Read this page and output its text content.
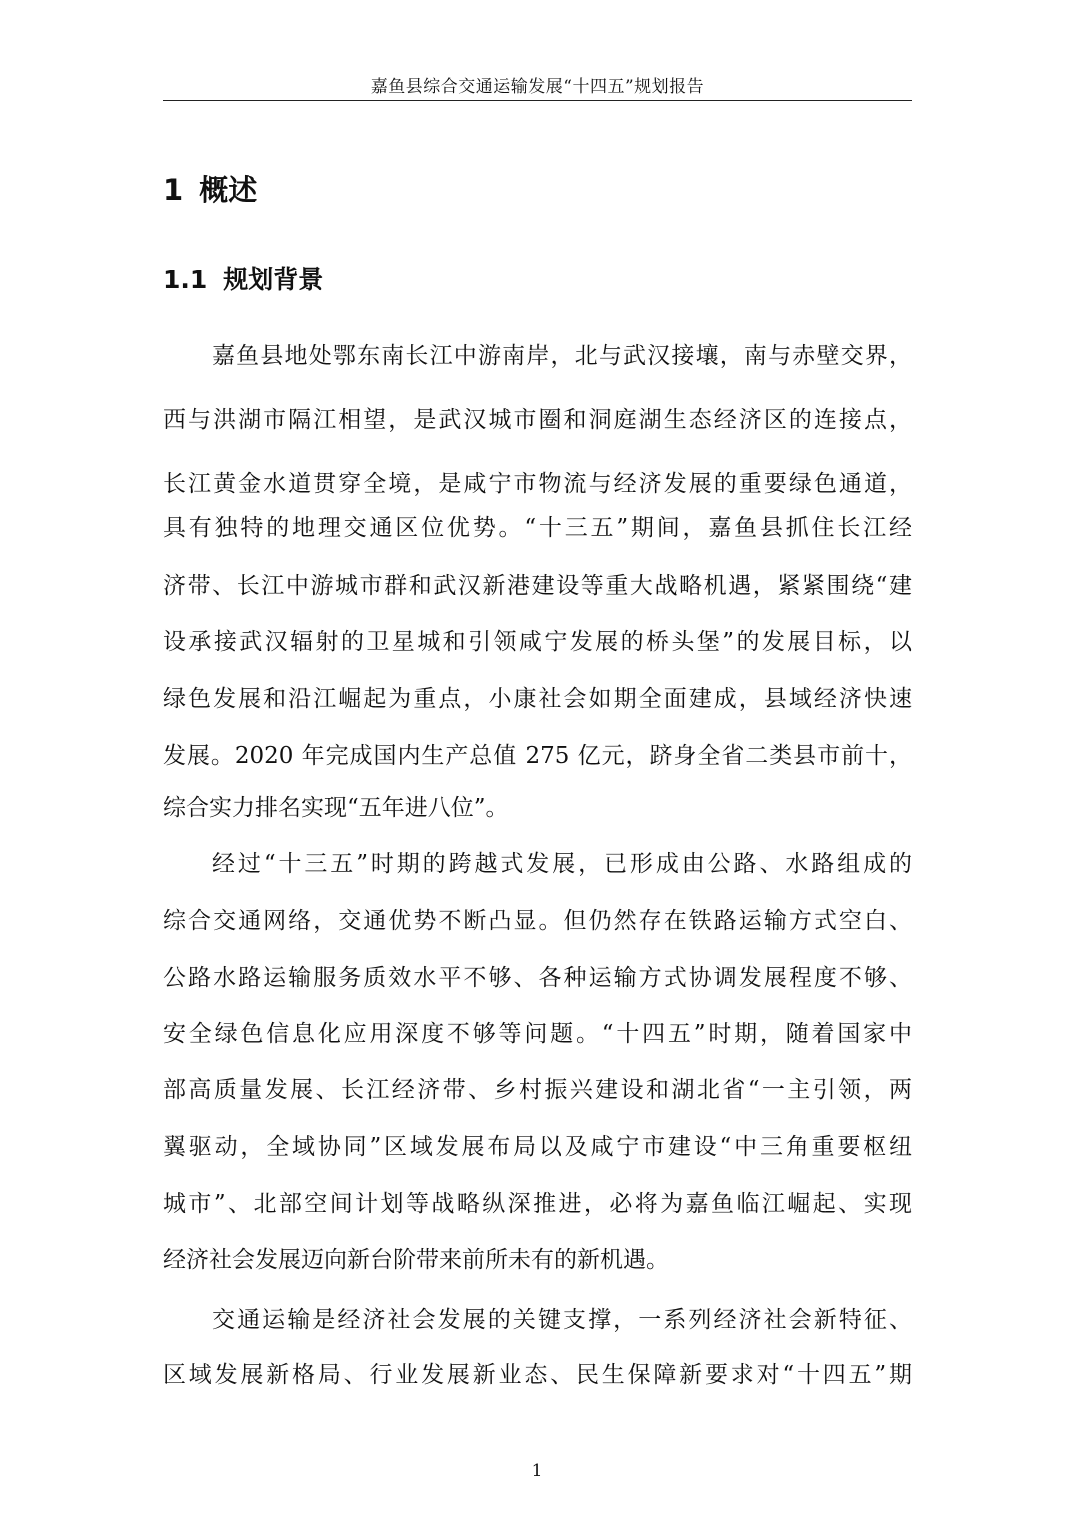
嘉鱼县综合交通运输发展“十四五”规划报告
1 概述
1.1 规划背景
嘉鱼县地处鄂东南长江中游南岸，北与武汉接壤，南与赤壁交界，
西与洪湖市隔江相望，是武汉城市圈和洞庭湖生态经济区的连接点，
长江黄金水道贯穿全境，是咸宁市物流与经济发展的重要绿色通道，
具有独特的地理交通区位优势。“十三五”期间，嘉鱼县抓住长江经
济带、长江中游城市群和武汉新港建设等重大战略机遇，紧紧围绕“建
设承接武汉辐射的卫星城和引领咸宁发展的桥头堡”的发展目标，以
绿色发展和沿江崛起为重点，小康社会如期全面建成，县域经济快速
发展。2020 年完成国内生产总值 275 亿元，跻身全省二类县市前十，
综合实力排名实现“五年进八位”。
经过“十三五”时期的跨越式发展，已形成由公路、水路组成的
综合交通网络，交通优势不断凸显。但仍然存在铁路运输方式空白、
公路水路运输服务质效水平不够、各种运输方式协调发展程度不够、
安全绿色信息化应用深度不够等问题。“十四五”时期，随着国家中
部高质量发展、长江经济带、乡村振兴建设和湖北省“一主引领，两
翼驱动，全域协同”区域发展布局以及咸宁市建设“中三角重要枢纽
城市”、北部空间计划等战略纵深推进，必将为嘉鱼临江崛起、实现
经济社会发展迈向新台阶带来前所未有的新机遇。
交通运输是经济社会发展的关键支撑，一系列经济社会新特征、
区域发展新格局、行业发展新业态、民生保障新要求对“十四五”期
1
